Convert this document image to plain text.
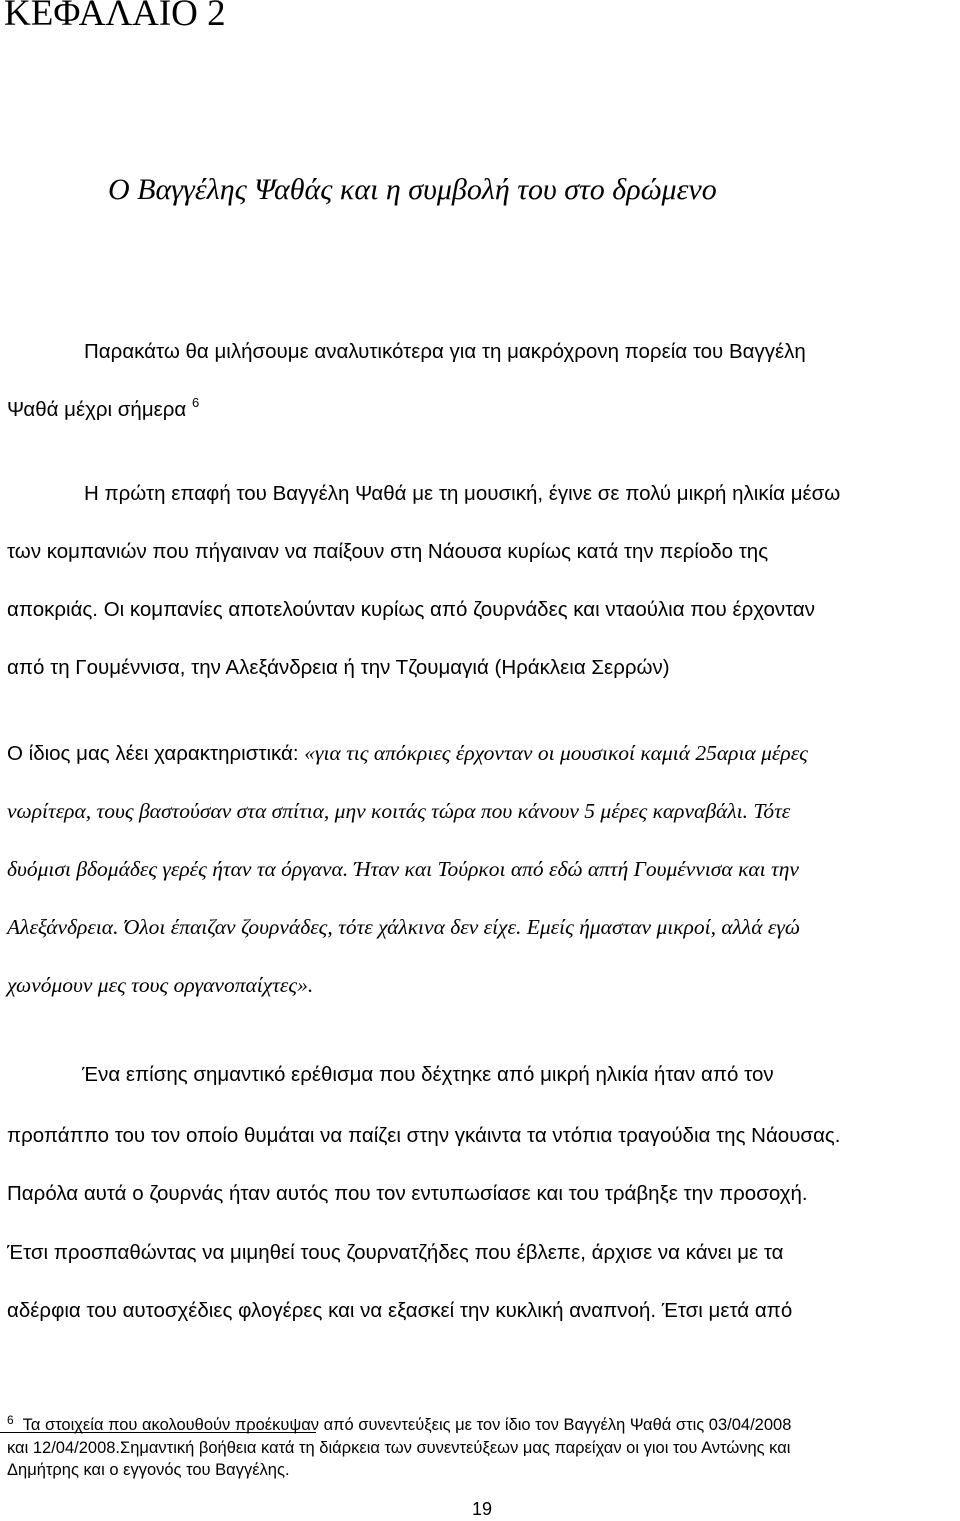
ΚΕΦΑΛΑΙΟ 2
Ο Βαγγέλης Ψαθάς και η συμβολή του στο δρώμενο
Παρακάτω θα μιλήσουμε αναλυτικότερα για τη μακρόχρονη πορεία του Βαγγέλη
Ψαθά μέχρι σήμερα $^6$
Η πρώτη επαφή του Βαγγέλη Ψαθά με τη μουσική, έγινε σε πολύ μικρή ηλικία μέσω
των κομπανιών που πήγαιναν να παίξουν στη Νάουσα κυρίως κατά την περίοδο της
αποκριάς. Οι κομπανίες αποτελούνταν κυρίως από ζουρνάδες και νταούλια που έρχονταν
από τη Γουμέννισα, την Αλεξάνδρεια ή την Τζουμαγιά (Ηράκλεια Σερρών)
Ο ίδιος μας λέει χαρακτηριστικά: «για τις απόκριες έρχονταν οι μουσικοί καμιά 25αρια μέρες
νωρίτερα, τους βαστούσαν στα σπίτια, μην κοιτάς τώρα που κάνουν 5 μέρες καρναβάλι. Τότε
δυόμισι βδομάδες γερές ήταν τα όργανα. Ήταν και Τούρκοι από εδώ απτή Γουμέννισα και την
Αλεξάνδρεια. Όλοι έπαιζαν ζουρνάδες, τότε χάλκινα δεν είχε. Εμείς ήμασταν μικροί, αλλά εγώ
χωνόμουν μες τους οργανοπαίχτες».
Ένα επίσης σημαντικό ερέθισμα που δέχτηκε από μικρή ηλικία ήταν από τον
προπάππο του τον οποίο θυμάται να παίζει στην γκάιντα τα ντόπια τραγούδια της Νάουσας.
Παρόλα αυτά ο ζουρνάς ήταν αυτός που τον εντυπωσίασε και του τράβηξε την προσοχή.
Έτσι προσπαθώντας να μιμηθεί τους ζουρνατζήδες που έβλεπε, άρχισε να κάνει με τα
αδέρφια του αυτοσχέδιες φλογέρες και να εξασκεί την κυκλική αναπνοή. Έτσι μετά από
$^6$ Τα στοιχεία που ακολουθούν προέκυψαν από συνεντεύξεις με τον ίδιο τον Βαγγέλη Ψαθά στις 03/04/2008
και 12/04/2008.Σημαντική βοήθεια κατά τη διάρκεια των συνεντεύξεων μας παρείχαν οι γιοι του Αντώνης και
Δημήτρης και ο εγγονός του Βαγγέλης.
19
